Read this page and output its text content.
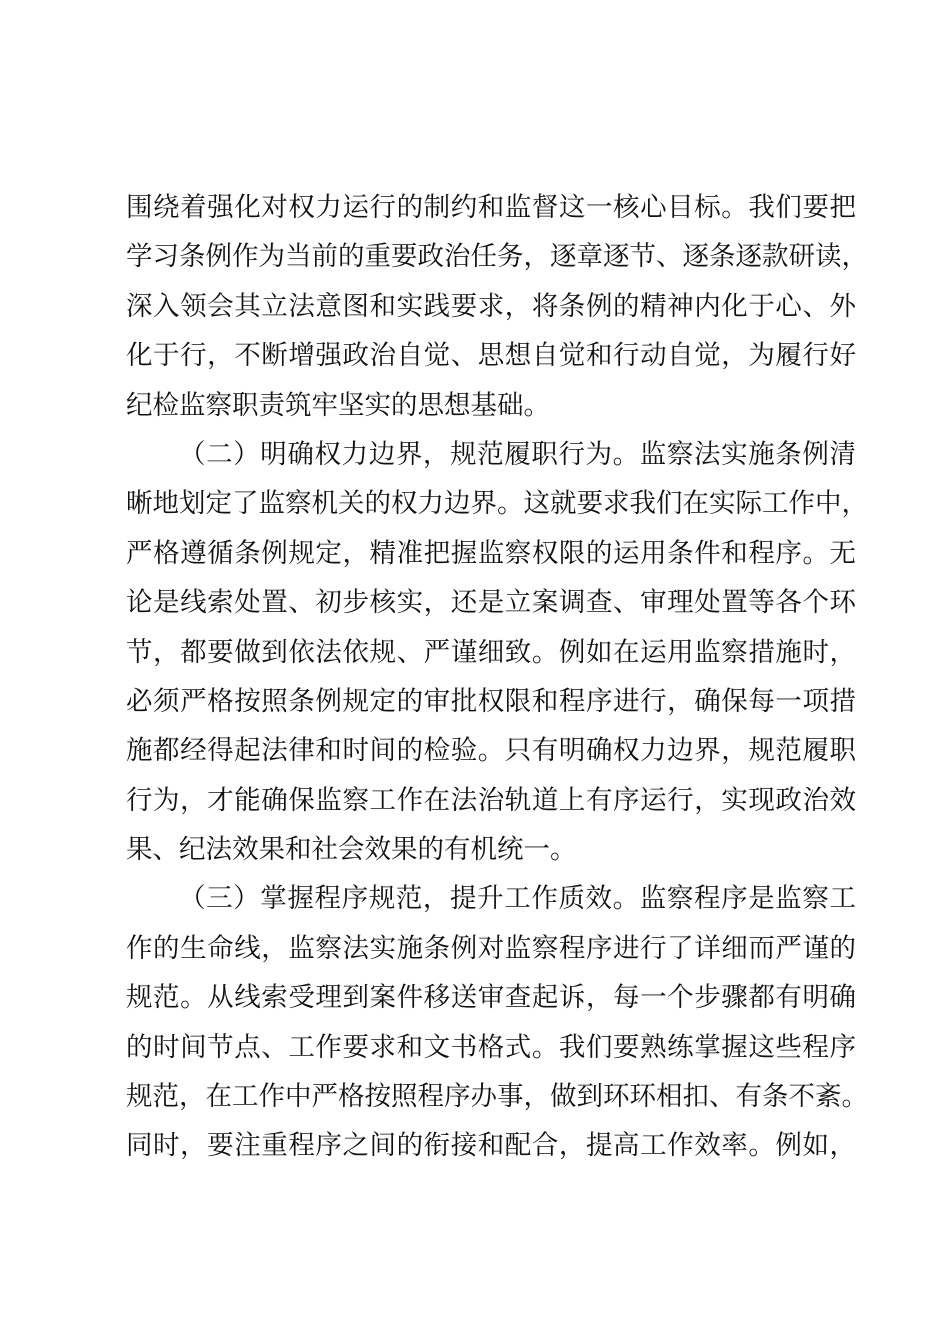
围绕着强化对权力运行的制约和监督这一核心目标。我们要把
学习条例作为当前的重要政治任务，逐章逐节、逐条逐款研读，
深入领会其立法意图和实践要求，将条例的精神内化于心、外
化于行，不断增强政治自觉、思想自觉和行动自觉，为履行好
纪检监察职责筑牢坚实的思想基础。
（二）明确权力边界，规范履职行为。监察法实施条例清
晰地划定了监察机关的权力边界。这就要求我们在实际工作中，
严格遵循条例规定，精准把握监察权限的运用条件和程序。无
论是线索处置、初步核实，还是立案调查、审理处置等各个环
节，都要做到依法依规、严谨细致。例如在运用监察措施时，
必须严格按照条例规定的审批权限和程序进行，确保每一项措
施都经得起法律和时间的检验。只有明确权力边界，规范履职
行为，才能确保监察工作在法治轨道上有序运行，实现政治效
果、纪法效果和社会效果的有机统一。
（三）掌握程序规范，提升工作质效。监察程序是监察工
作的生命线，监察法实施条例对监察程序进行了详细而严谨的
规范。从线索受理到案件移送审查起诉，每一个步骤都有明确
的时间节点、工作要求和文书格式。我们要熟练掌握这些程序
规范，在工作中严格按照程序办事，做到环环相扣、有条不紊。
同时，要注重程序之间的衔接和配合，提高工作效率。例如，
